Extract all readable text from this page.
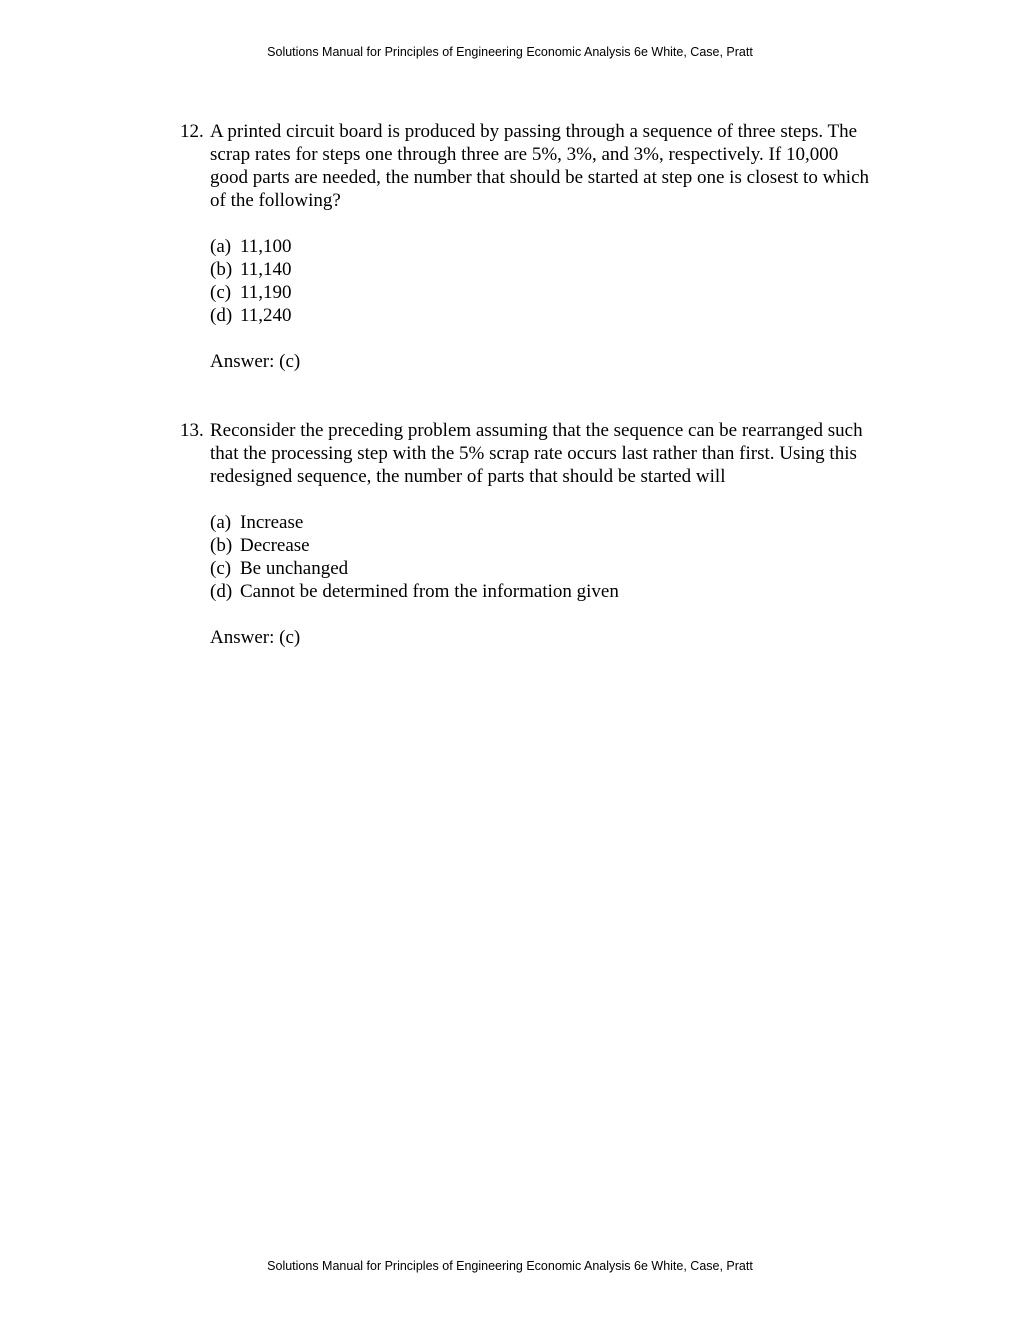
Solutions Manual for Principles of Engineering Economic Analysis 6e White, Case, Pratt
12. A printed circuit board is produced by passing through a sequence of three steps. The scrap rates for steps one through three are 5%, 3%, and 3%, respectively. If 10,000 good parts are needed, the number that should be started at step one is closest to which of the following?
(a) 11,100
(b) 11,140
(c) 11,190
(d) 11,240
Answer: (c)
13. Reconsider the preceding problem assuming that the sequence can be rearranged such that the processing step with the 5% scrap rate occurs last rather than first. Using this redesigned sequence, the number of parts that should be started will
(a) Increase
(b) Decrease
(c) Be unchanged
(d) Cannot be determined from the information given
Answer: (c)
Solutions Manual for Principles of Engineering Economic Analysis 6e White, Case, Pratt
